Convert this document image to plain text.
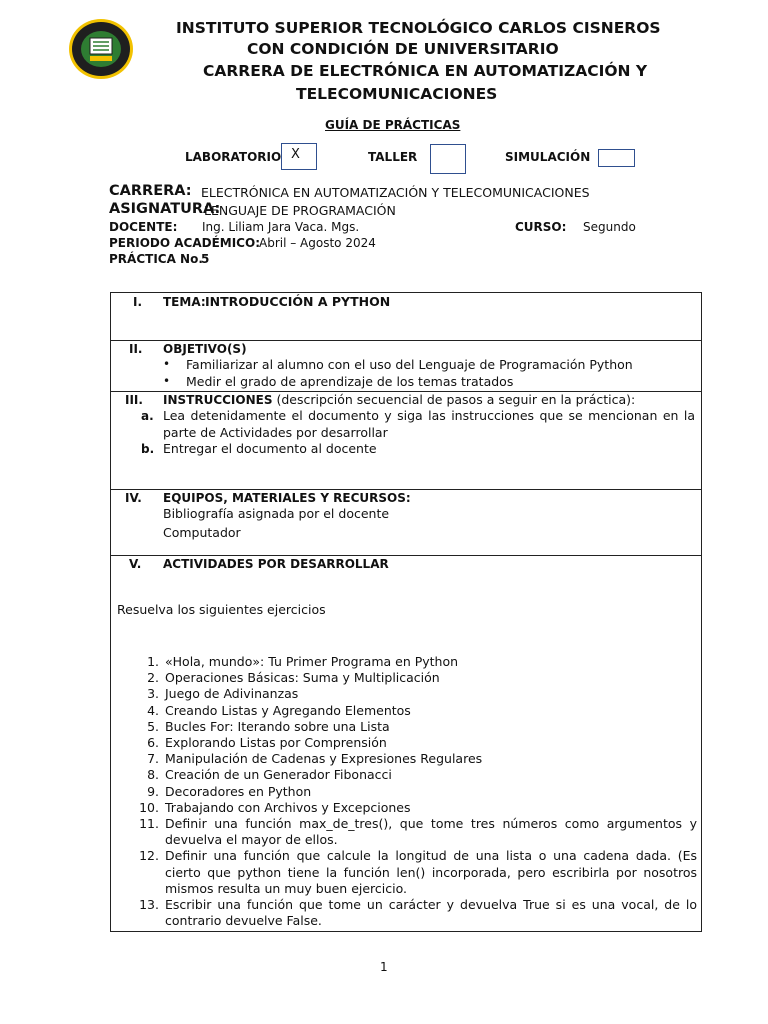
INSTITUTO SUPERIOR TECNOLÓGICO CARLOS CISNEROS
CON CONDICIÓN DE UNIVERSITARIO
CARRERA DE ELECTRÓNICA EN AUTOMATIZACIÓN Y
TELECOMUNICACIONES
GUÍA DE PRÁCTICAS
LABORATORIO X	TALLER	SIMULACIÓN
CARRERA: ELECTRÓNICA EN AUTOMATIZACIÓN Y TELECOMUNICACIONES
ASIGNATURA:
LENGUAJE DE PROGRAMACIÓN
DOCENTE: Ing. Liliam Jara Vaca. Mgs.	CURSO: Segundo
PERIODO ACADÉMICO: Abril – Agosto 2024
PRÁCTICA No.
5
I. TEMA: INTRODUCCIÓN A PYTHON
II. OBJETIVO(S)
• Familiarizar al alumno con el uso del Lenguaje de Programación Python
• Medir el grado de aprendizaje de los temas tratados
III. INSTRUCCIONES (descripción secuencial de pasos a seguir en la práctica):
a. Lea detenidamente el documento y siga las instrucciones que se mencionan en la parte de Actividades por desarrollar
b. Entregar el documento al docente
IV. EQUIPOS, MATERIALES Y RECURSOS:
Bibliografía asignada por el docente
Computador
V. ACTIVIDADES POR DESARROLLAR
Resuelva los siguientes ejercicios
1. «Hola, mundo»: Tu Primer Programa en Python
2. Operaciones Básicas: Suma y Multiplicación
3. Juego de Adivinanzas
4. Creando Listas y Agregando Elementos
5. Bucles For: Iterando sobre una Lista
6. Explorando Listas por Comprensión
7. Manipulación de Cadenas y Expresiones Regulares
8. Creación de un Generador Fibonacci
9. Decoradores en Python
10. Trabajando con Archivos y Excepciones
11. Definir una función max_de_tres(), que tome tres números como argumentos y devuelva el mayor de ellos.
12. Definir una función que calcule la longitud de una lista o una cadena dada. (Es cierto que python tiene la función len() incorporada, pero escribirla por nosotros mismos resulta un muy buen ejercicio.
13. Escribir una función que tome un carácter y devuelva True si es una vocal, de lo contrario devuelve False.
1
